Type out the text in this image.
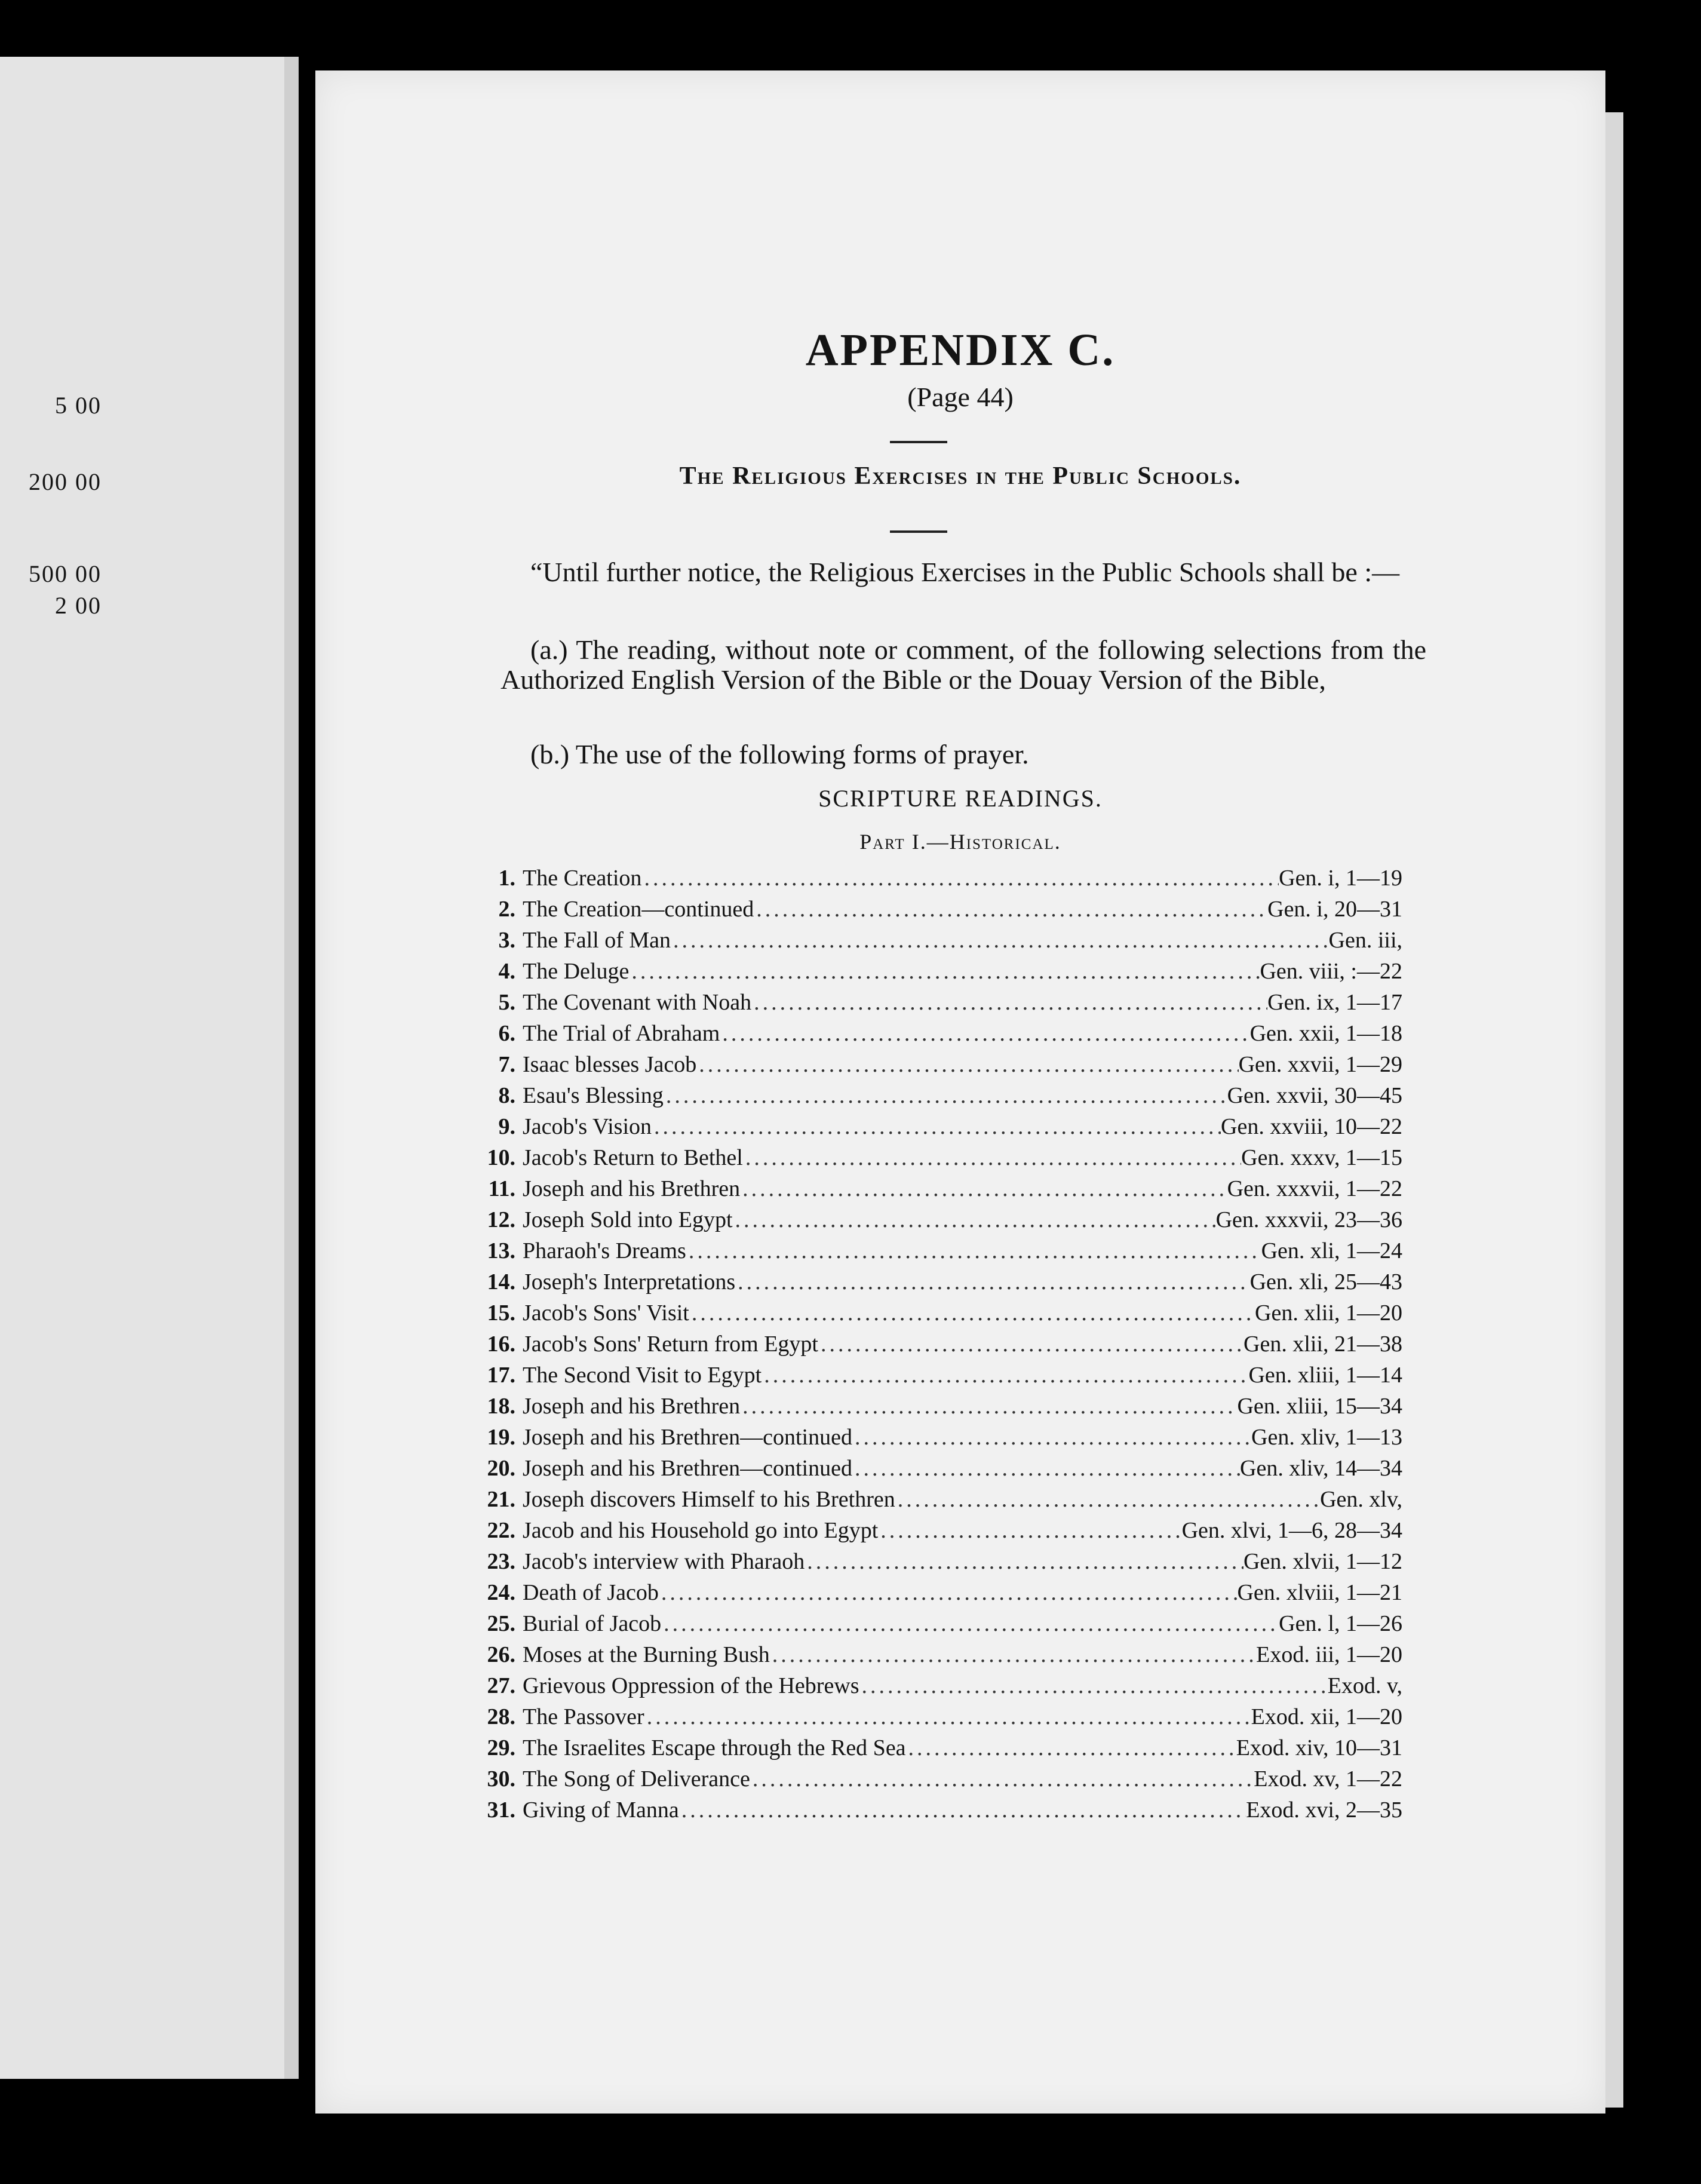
5 00
200 00
500 00
2 00
APPENDIX C.
(Page 44)
The Religious Exercises in the Public Schools.
“Until further notice, the Religious Exercises in the Public Schools shall be :—
(a.) The reading, without note or comment, of the following selections from the Authorized English Version of the Bible or the Douay Version of the Bible,
(b.) The use of the following forms of prayer.
SCRIPTURE READINGS.
Part I.—Historical.
1. The Creation .....	Gen. i, 1—19
2. The Creation—continued .....	Gen. i, 20—31
3. The Fall of Man .....	Gen. iii,
4. The Deluge .....	Gen. viii, :—22
5. The Covenant with Noah .....	Gen. ix, 1—17
6. The Trial of Abraham .....	Gen. xxii, 1—18
7. Isaac blesses Jacob .....	Gen. xxvii, 1—29
8. Esau's Blessing .....	Gen. xxvii, 30—45
9. Jacob's Vision .....	Gen. xxviii, 10—22
10. Jacob's Return to Bethel .....	Gen. xxxv, 1—15
11. Joseph and his Brethren .....	Gen. xxxvii, 1—22
12. Joseph Sold into Egypt .....	Gen. xxxvii, 23—36
13. Pharaoh's Dreams .....	Gen. xli, 1—24
14. Joseph's Interpretations .....	Gen. xli, 25—43
15. Jacob's Sons' Visit .....	Gen. xlii, 1—20
16. Jacob's Sons' Return from Egypt .....	Gen. xlii, 21—38
17. The Second Visit to Egypt .....	Gen. xliii, 1—14
18. Joseph and his Brethren .....	Gen. xliii, 15—34
19. Joseph and his Brethren—continued .....	Gen. xliv, 1—13
20. Joseph and his Brethren—continued .....	Gen. xliv, 14—34
21. Joseph discovers Himself to his Brethren .....	Gen. xlv,
22. Jacob and his Household go into Egypt .....	Gen. xlvi, 1—6, 28—34
23. Jacob's interview with Pharaoh .....	Gen. xlvii, 1—12
24. Death of Jacob .....	Gen. xlviii, 1—21
25. Burial of Jacob .....	Gen. l, 1—26
26. Moses at the Burning Bush .....	Exod. iii, 1—20
27. Grievous Oppression of the Hebrews .....	Exod. v,
28. The Passover .....	Exod. xii, 1—20
29. The Israelites Escape through the Red Sea .....	Exod. xiv, 10—31
30. The Song of Deliverance .....	Exod. xv, 1—22
31. Giving of Manna .....	Exod. xvi, 2—35
